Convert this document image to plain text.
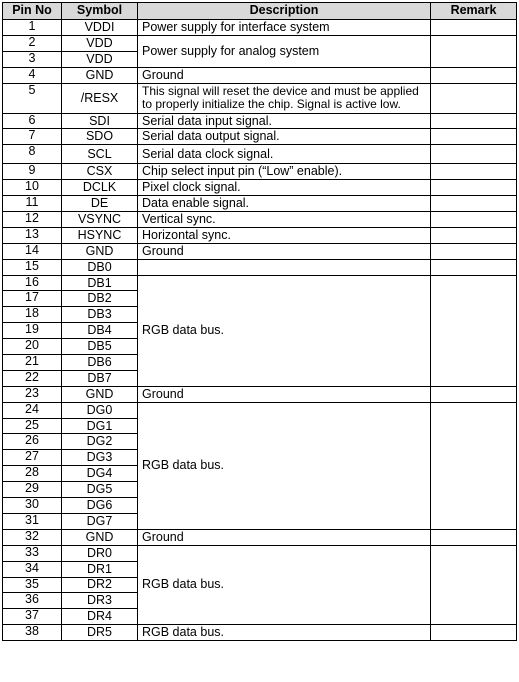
Pin No	Symbol	Description	Remark
1	VDDI	Power supply for interface system	
2	VDD	Power supply for analog system	
3	VDD		
4	GND	Ground	
5	/RESX	This signal will reset the device and must be applied to properly initialize the chip. Signal is active low.	
6	SDI	Serial data input signal.	
7	SDO	Serial data output signal.	
8	SCL	Serial data clock signal.	
9	CSX	Chip select input pin (“Low” enable).	
10	DCLK	Pixel clock signal.	
11	DE	Data enable signal.	
12	VSYNC	Vertical sync.	
13	HSYNC	Horizontal sync.	
14	GND	Ground	
15	DB0		
16	DB1	RGB data bus.	
17	DB2		
18	DB3		
19	DB4		
20	DB5		
21	DB6		
22	DB7		
23	GND	Ground	
24	DG0	RGB data bus.	
25	DG1		
26	DG2		
27	DG3		
28	DG4		
29	DG5		
30	DG6		
31	DG7		
32	GND	Ground	
33	DR0	RGB data bus.	
34	DR1		
35	DR2		
36	DR3		
37	DR4		
38	DR5	RGB data bus.	
